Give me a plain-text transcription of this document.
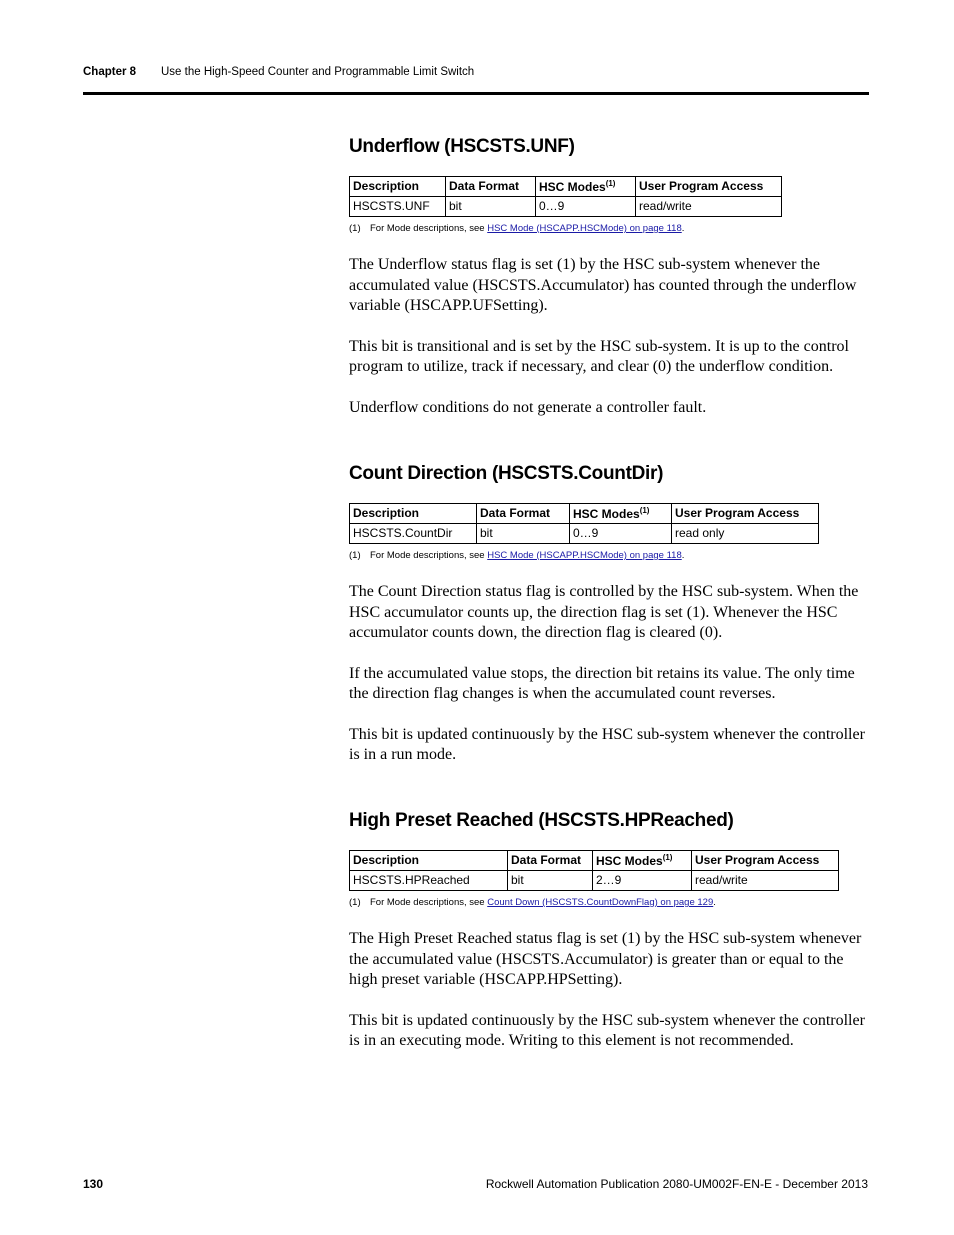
Chapter 8 Use the High-Speed Counter and Programmable Limit Switch
Underflow (HSCSTS.UNF)
Description	Data Format	HSC Modes$^{(1)}$	User Program Access
HSCSTS.UNF	bit	0…9	read/write
(1) For Mode descriptions, see HSC Mode (HSCAPP.HSCMode) on page 118.

The Underflow status flag is set (1) by the HSC sub-system whenever the accumulated value (HSCSTS.Accumulator) has counted through the underflow variable (HSCAPP.UFSetting).

This bit is transitional and is set by the HSC sub-system. It is up to the control program to utilize, track if necessary, and clear (0) the underflow condition.

Underflow conditions do not generate a controller fault.

Count Direction (HSCSTS.CountDir)
Description	Data Format	HSC Modes$^{(1)}$	User Program Access
HSCSTS.CountDir	bit	0…9	read only
(1) For Mode descriptions, see HSC Mode (HSCAPP.HSCMode) on page 118.

The Count Direction status flag is controlled by the HSC sub-system. When the HSC accumulator counts up, the direction flag is set (1). Whenever the HSC accumulator counts down, the direction flag is cleared (0).

If the accumulated value stops, the direction bit retains its value. The only time the direction flag changes is when the accumulated count reverses.

This bit is updated continuously by the HSC sub-system whenever the controller is in a run mode.

High Preset Reached (HSCSTS.HPReached)
Description	Data Format	HSC Modes$^{(1)}$	User Program Access
HSCSTS.HPReached	bit	2…9	read/write
(1) For Mode descriptions, see Count Down (HSCSTS.CountDownFlag) on page 129.

The High Preset Reached status flag is set (1) by the HSC sub-system whenever the accumulated value (HSCSTS.Accumulator) is greater than or equal to the high preset variable (HSCAPP.HPSetting).

This bit is updated continuously by the HSC sub-system whenever the controller is in an executing mode. Writing to this element is not recommended.

130	Rockwell Automation Publication 2080-UM002F-EN-E - December 2013
